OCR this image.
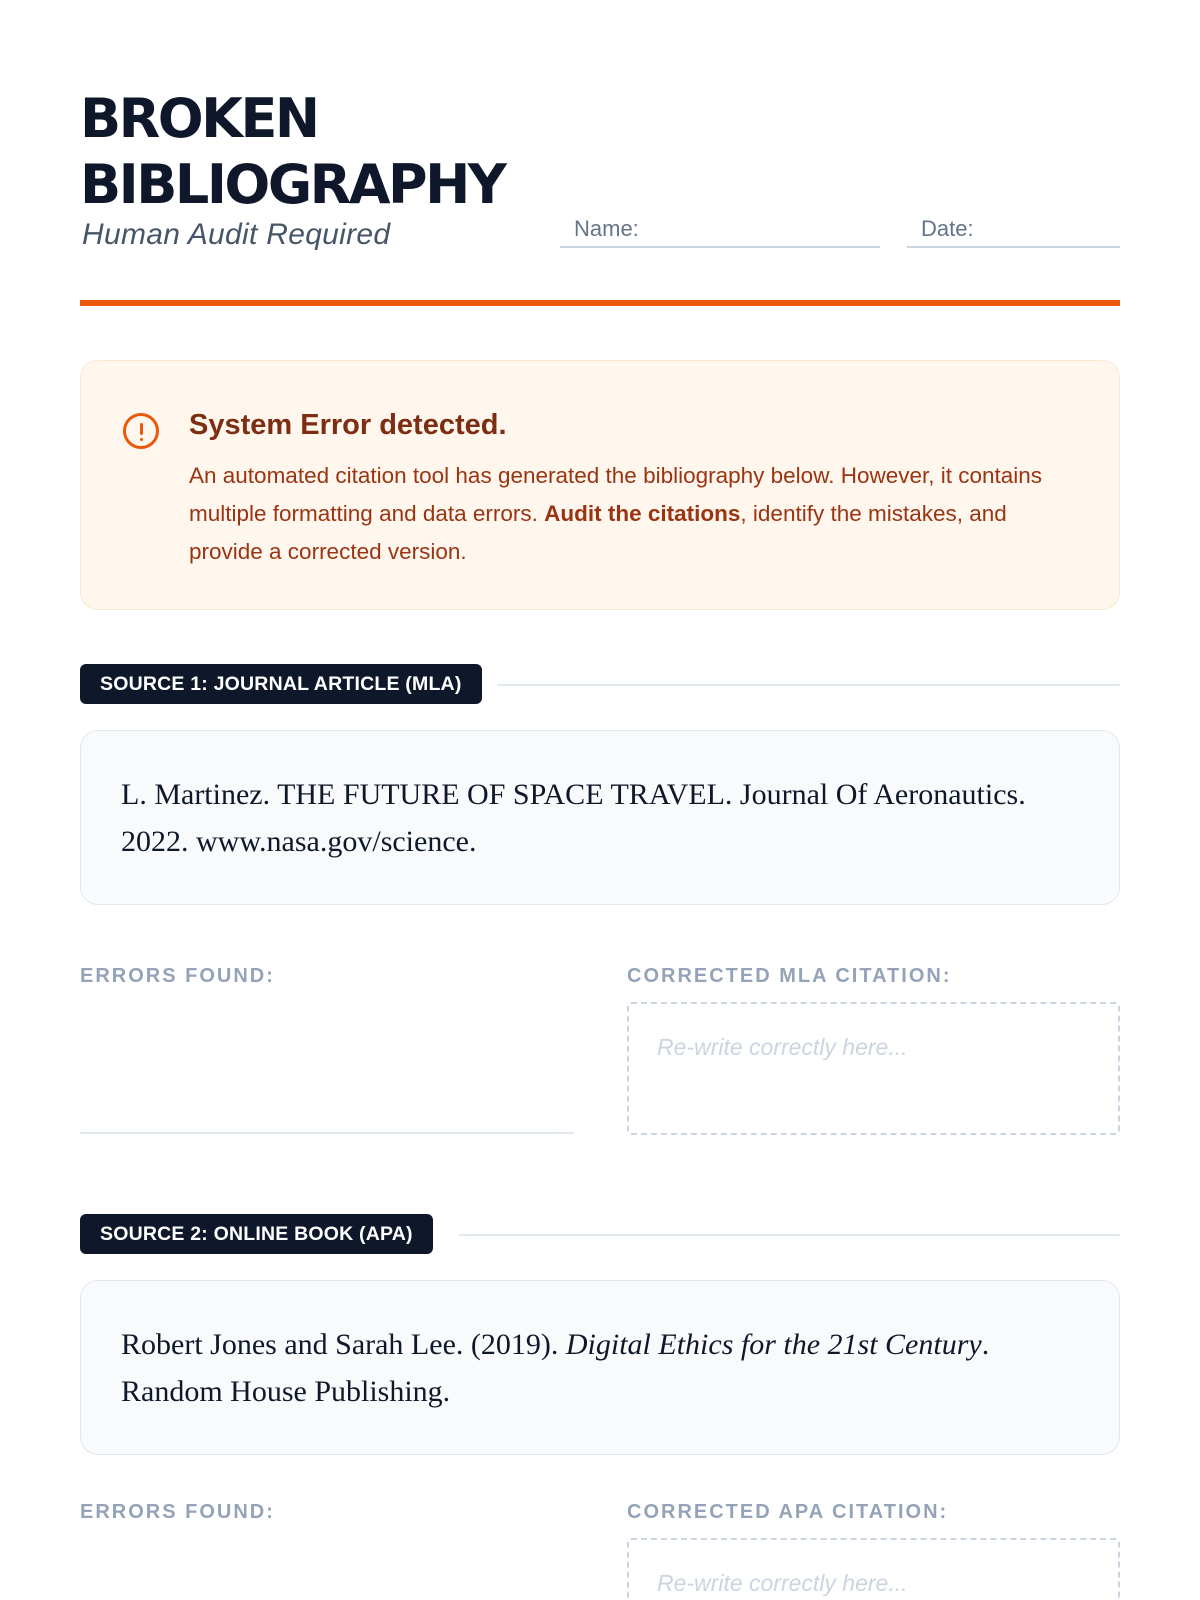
BROKEN
BIBLIOGRAPHY
Human Audit Required	Name:	Date:
System Error detected.
An automated citation tool has generated the bibliography below. However, it contains multiple formatting and data errors. Audit the citations, identify the mistakes, and provide a corrected version.
SOURCE 1: JOURNAL ARTICLE (MLA)

L. Martinez. THE FUTURE OF SPACE TRAVEL. Journal Of Aeronautics. 2022. www.nasa.gov/science.

ERRORS FOUND:	CORRECTED MLA CITATION:
Re-write correctly here...
SOURCE 2: ONLINE BOOK (APA)

Robert Jones and Sarah Lee. (2019). Digital Ethics for the 21st Century. Random House Publishing.

ERRORS FOUND:	CORRECTED APA CITATION:
Re-write correctly here...
